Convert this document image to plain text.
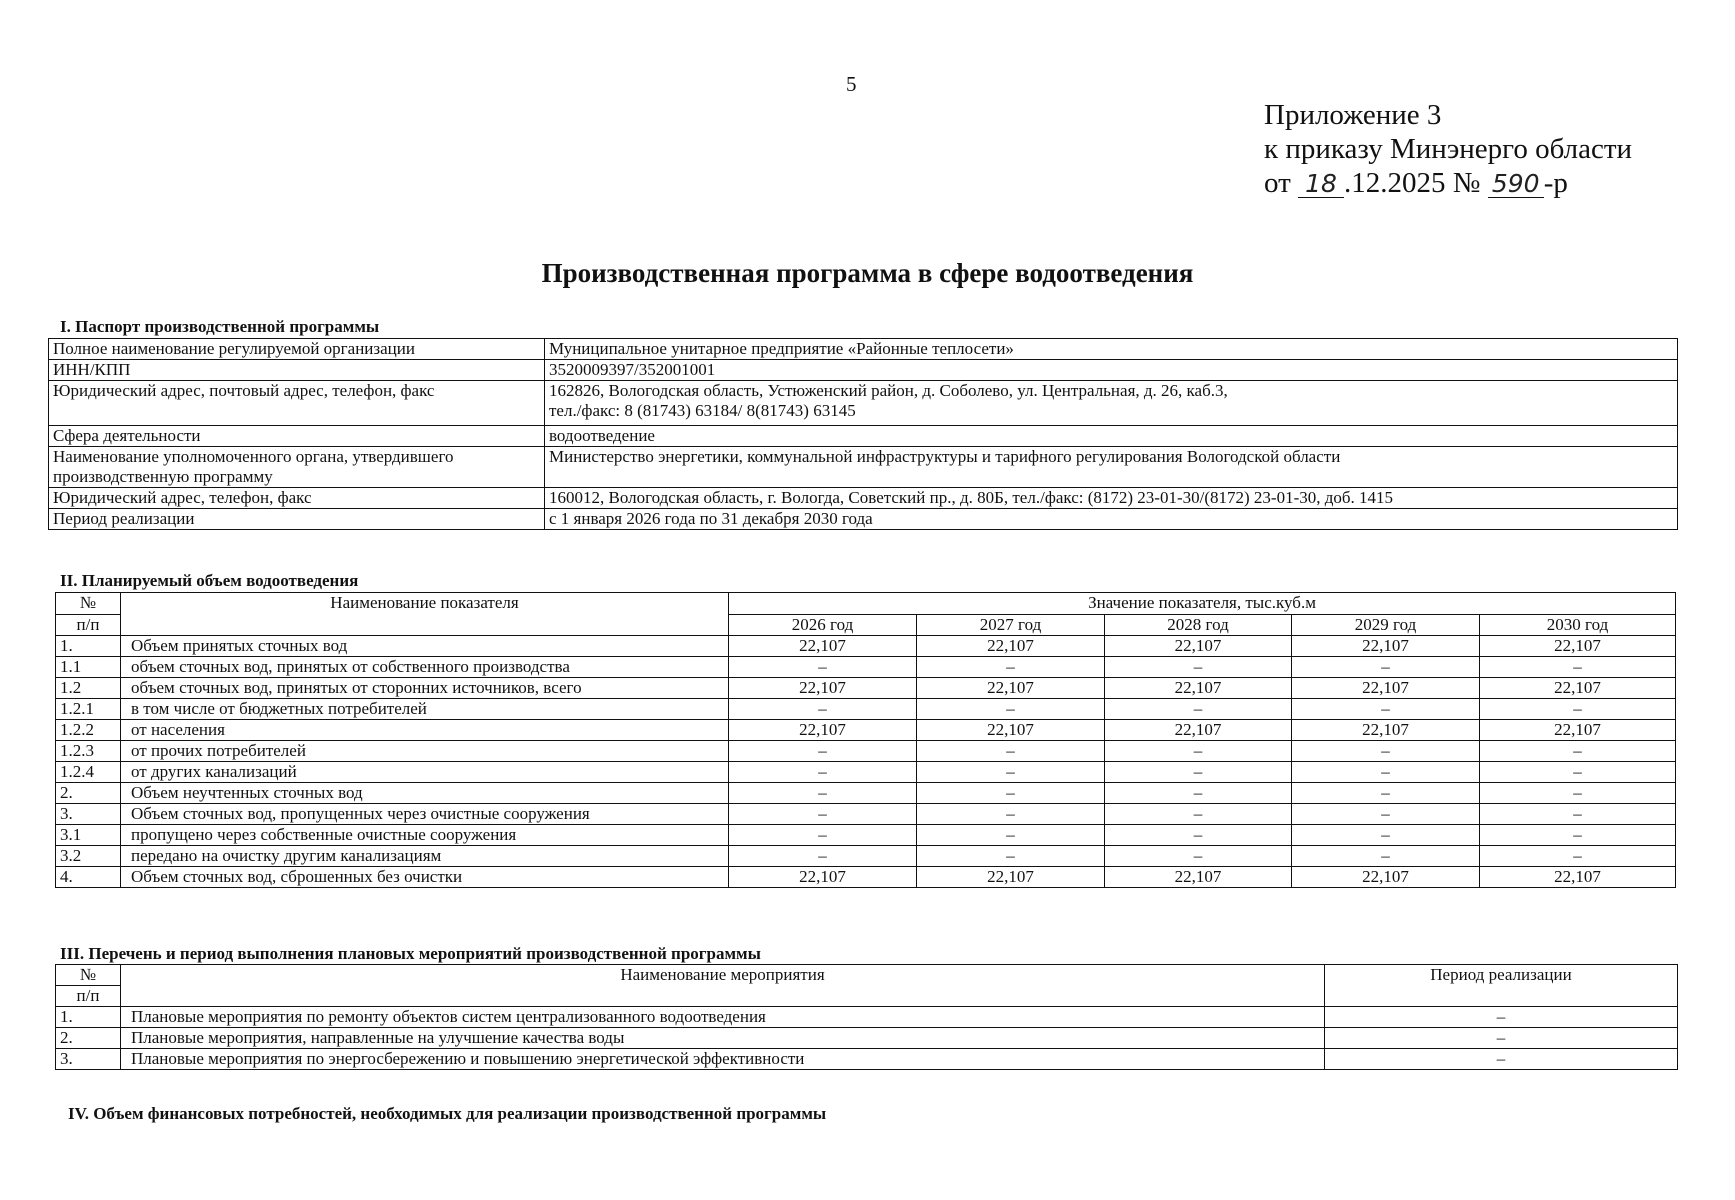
5
Приложение 3
к приказу Минэнерго области
от 18 .12.2025 № 590 -р
Производственная программа в сфере водоотведения
I. Паспорт производственной программы
Полное наименование регулируемой организации	Муниципальное унитарное предприятие «Районные теплосети»
ИНН/КПП	3520009397/352001001
Юридический адрес, почтовый адрес, телефон, факс	162826, Вологодская область, Устюженский район, д. Соболево, ул. Центральная, д. 26, каб.3,
тел./факс: 8 (81743) 63184/ 8(81743) 63145

Сфера деятельности	водоотведение

Наименование уполномоченного органа, утвердившего
производственную программу	Министерство энергетики, коммунальной инфраструктуры и тарифного регулирования Вологодской области
Юридический адрес, телефон, факс	160012, Вологодская область, г. Вологда, Советский пр., д. 80Б, тел./факс: (8172) 23-01-30/(8172) 23-01-30, доб. 1415
Период реализации	с 1 января 2026 года по 31 декабря 2030 года
II. Планируемый объем водоотведения
№	Наименование показателя	Значение показателя, тыс.куб.м				
п/п		2026 год	2027 год	2028 год	2029 год	2030 год
1.	Объем принятых сточных вод	22,107	22,107	22,107	22,107	22,107
1.1	объем сточных вод, принятых от собственного производства	–	–	–	–	–
1.2	объем сточных вод, принятых от сторонних источников, всего	22,107	22,107	22,107	22,107	22,107
1.2.1	в том числе от бюджетных потребителей	–	–	–	–	–
1.2.2	от населения	22,107	22,107	22,107	22,107	22,107
1.2.3	от прочих потребителей	–	–	–	–	–
1.2.4	от других канализаций	–	–	–	–	–
2.	Объем неучтенных сточных вод	–	–	–	–	–
3.	Объем сточных вод, пропущенных через очистные сооружения	–	–	–	–	–
3.1	пропущено через собственные очистные сооружения	–	–	–	–	–
3.2	передано на очистку другим канализациям	–	–	–	–	–
4.	Объем сточных вод, сброшенных без очистки	22,107	22,107	22,107	22,107	22,107
III. Перечень и период выполнения плановых мероприятий производственной программы
№	Наименование мероприятия	Период реализации
п/п		
1.	Плановые мероприятия по ремонту объектов систем централизованного водоотведения	–
2.	Плановые мероприятия, направленные на улучшение качества воды	–
3.	Плановые мероприятия по энергосбережению и повышению энергетической эффективности	–
IV. Объем финансовых потребностей, необходимых для реализации производственной программы
